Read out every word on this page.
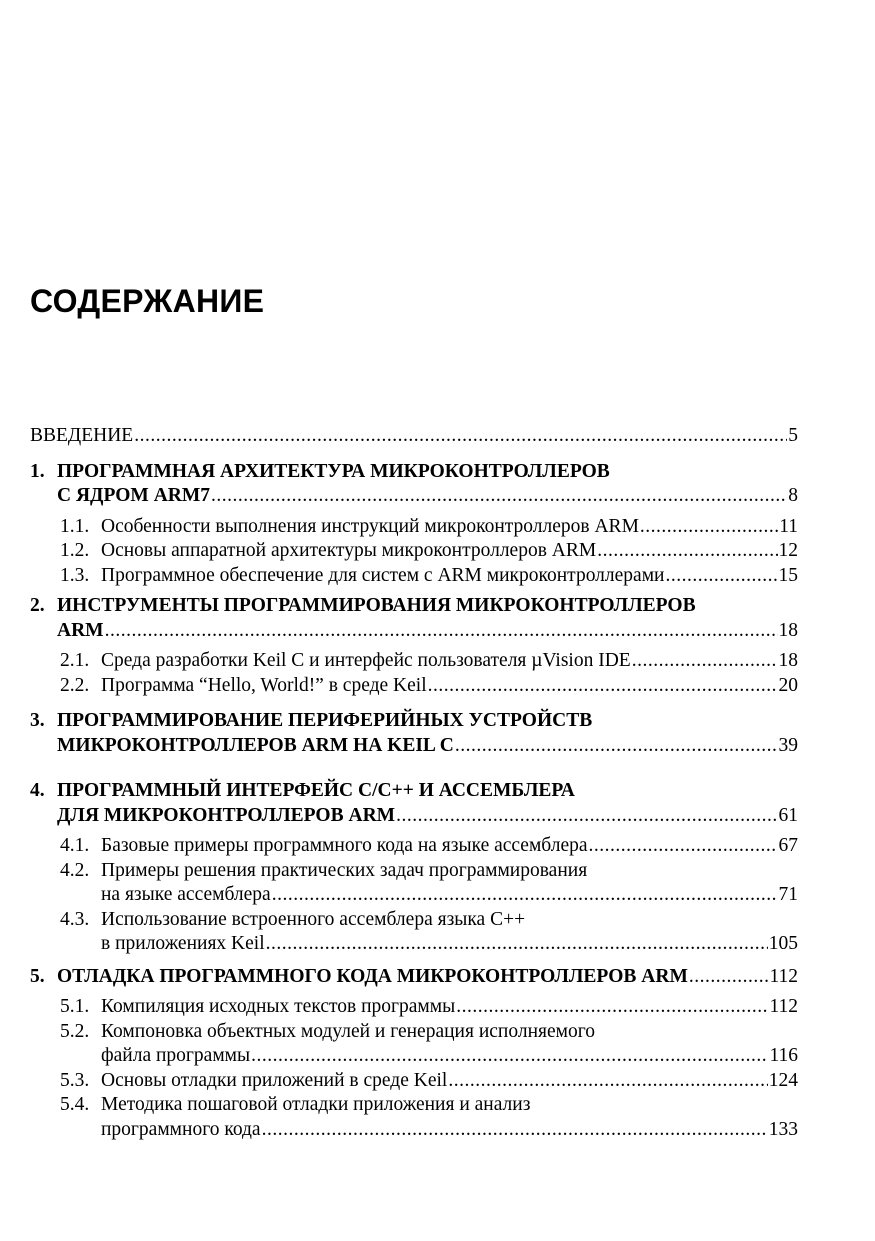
СОДЕРЖАНИЕ
ВВЕДЕНИЕ .....	5
1. ПРОГРАММНАЯ АРХИТЕКТУРА МИКРОКОНТРОЛЛЕРОВ
С ЯДРОМ ARM7 .....	8
1.1. Особенности выполнения инструкций микроконтроллеров ARM .....	11
1.2. Основы аппаратной архитектуры микроконтроллеров ARM .....	12
1.3. Программное обеспечение для систем с ARM микроконтроллерами .....	15
2. ИНСТРУМЕНТЫ ПРОГРАММИРОВАНИЯ МИКРОКОНТРОЛЛЕРОВ
ARM .....	18
2.1. Среда разработки Keil C и интерфейс пользователя µVision IDE .....	18
2.2. Программа “Hello, World!” в среде Keil .....	20
3. ПРОГРАММИРОВАНИЕ ПЕРИФЕРИЙНЫХ УСТРОЙСТВ
МИКРОКОНТРОЛЛЕРОВ ARM НА KEIL C .....	39
4. ПРОГРАММНЫЙ ИНТЕРФЕЙС C/C++ И АССЕМБЛЕРА
ДЛЯ МИКРОКОНТРОЛЛЕРОВ ARM .....	61
4.1. Базовые примеры программного кода на языке ассемблера .....	67
4.2. Примеры решения практических задач программирования
на языке ассемблера .....	71
4.3. Использование встроенного ассемблера языка C++
в приложениях Keil .....	105
5. ОТЛАДКА ПРОГРАММНОГО КОДА МИКРОКОНТРОЛЛЕРОВ ARM .....	112
5.1. Компиляция исходных текстов программы .....	112
5.2. Компоновка объектных модулей и генерация исполняемого
файла программы .....	116
5.3. Основы отладки приложений в среде Keil .....	124
5.4. Методика пошаговой отладки приложения и анализ
программного кода .....	133
